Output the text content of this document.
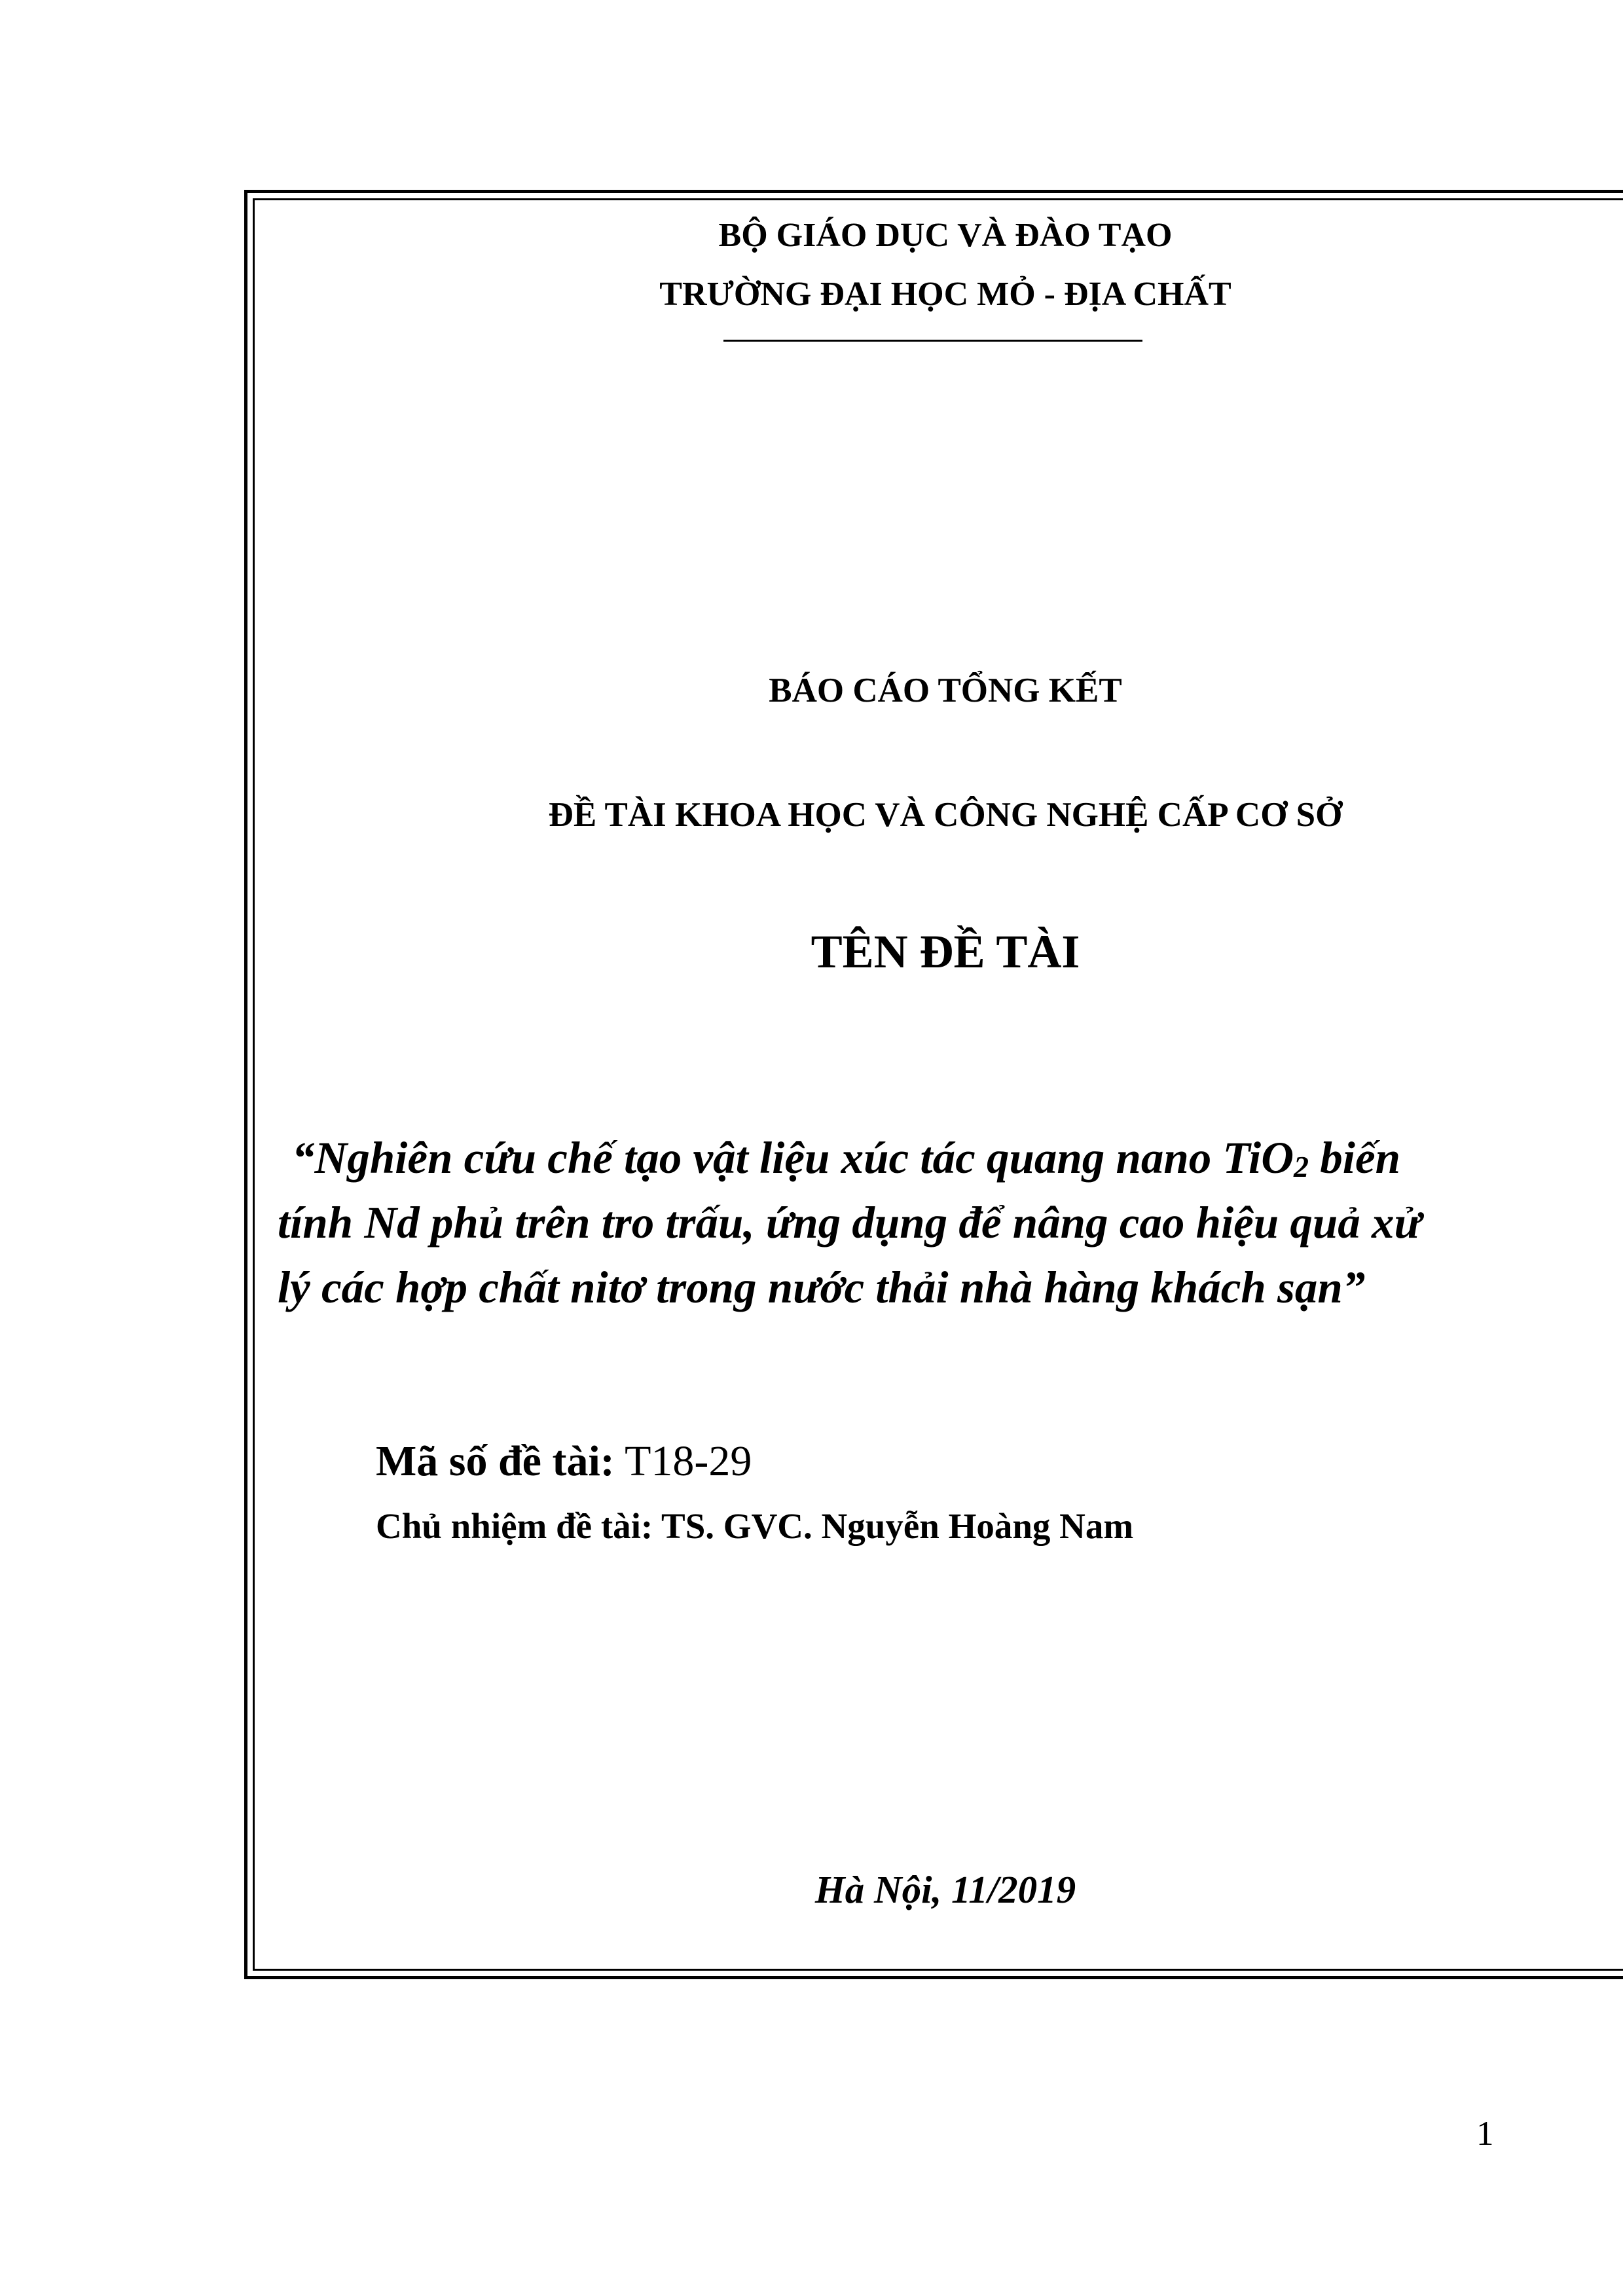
BỘ GIÁO DỤC VÀ ĐÀO TẠO
TRƯỜNG ĐẠI HỌC MỎ - ĐỊA CHẤT
BÁO CÁO TỔNG KẾT
ĐỀ TÀI KHOA HỌC VÀ CÔNG NGHỆ CẤP CƠ SỞ
TÊN ĐỀ TÀI
“Nghiên cứu chế tạo vật liệu xúc tác quang nano TiO$_2$ biến
tính Nd phủ trên tro trấu, ứng dụng để nâng cao hiệu quả xử
lý các hợp chất nitơ trong nước thải nhà hàng khách sạn”
Mã số đề tài: T18-29
Chủ nhiệm đề tài: TS. GVC. Nguyễn Hoàng Nam
Hà Nội, 11/2019
1
